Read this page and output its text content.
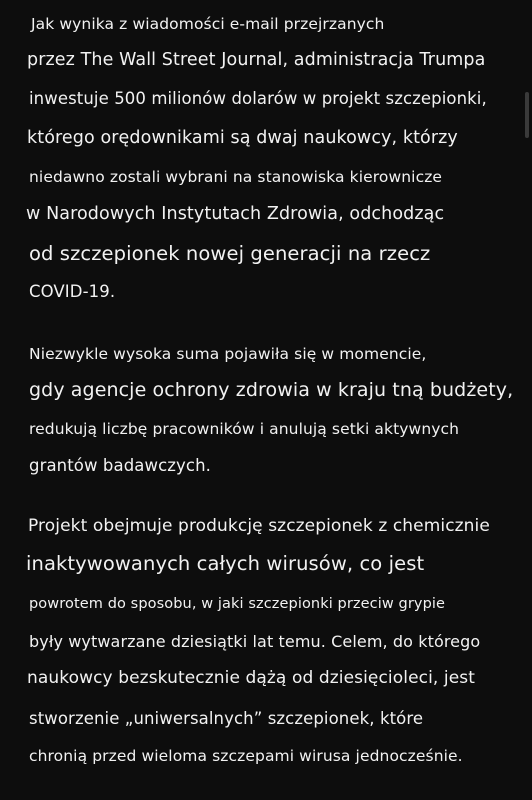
Jak wynika z wiadomości e-mail przejrzanych
przez The Wall Street Journal, administracja Trumpa
inwestuje 500 milionów dolarów w projekt szczepionki,
którego orędownikami są dwaj naukowcy, którzy
niedawno zostali wybrani na stanowiska kierownicze
w Narodowych Instytutach Zdrowia, odchodząc
od szczepionek nowej generacji na rzecz
COVID-19.
Niezwykle wysoka suma pojawiła się w momencie,
gdy agencje ochrony zdrowia w kraju tną budżety,
redukują liczbę pracowników i anulują setki aktywnych
grantów badawczych.
Projekt obejmuje produkcję szczepionek z chemicznie
inaktywowanych całych wirusów, co jest
powrotem do sposobu, w jaki szczepionki przeciw grypie
były wytwarzane dziesiątki lat temu. Celem, do którego
naukowcy bezskutecznie dążą od dziesięcioleci, jest
stworzenie „uniwersalnych” szczepionek, które
chronią przed wieloma szczepami wirusa jednocześnie.
